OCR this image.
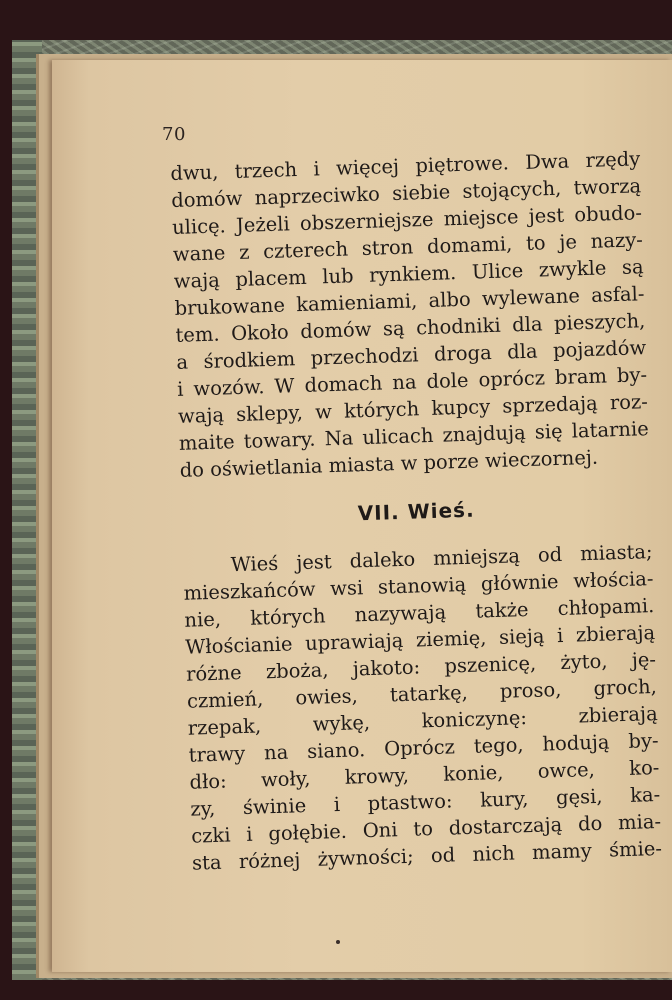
70
dwu, trzech i więcej piętrowe. Dwa rzędy
domów naprzeciwko siebie stojących, tworzą
ulicę. Jeżeli obszerniejsze miejsce jest obudo-
wane z czterech stron domami, to je nazy-
wają placem lub rynkiem. Ulice zwykle są
brukowane kamieniami, albo wylewane asfal-
tem. Około domów są chodniki dla pieszych,
a środkiem przechodzi droga dla pojazdów
i wozów. W domach na dole oprócz bram by-
wają sklepy, w których kupcy sprzedają roz-
maite towary. Na ulicach znajdują się latarnie
do oświetlania miasta w porze wieczornej.
VII. Wieś.
Wieś jest daleko mniejszą od miasta;
mieszkańców wsi stanowią głównie włościa-
nie, których nazywają także chłopami.
Włościanie uprawiają ziemię, sieją i zbierają
różne zboża, jakoto: pszenicę, żyto, ję-
czmień, owies, tatarkę, proso, groch,
rzepak, wykę, koniczynę: zbierają
trawy na siano. Oprócz tego, hodują by-
dło: woły, krowy, konie, owce, ko-
zy, świnie i ptastwo: kury, gęsi, ka-
czki i gołębie. Oni to dostarczają do mia-
sta różnej żywności; od nich mamy śmie-
